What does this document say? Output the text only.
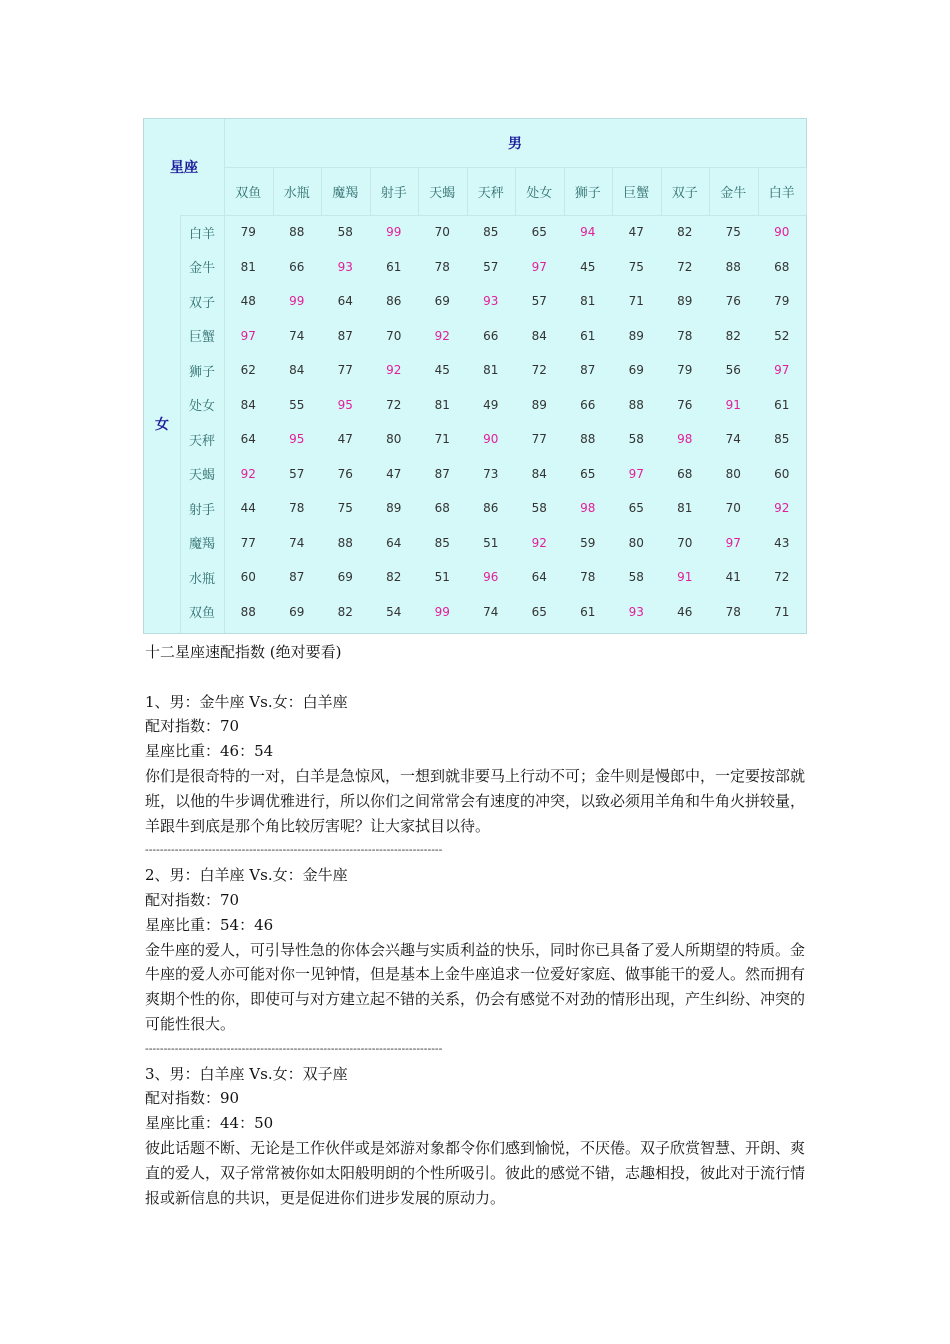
星座
男
女
双鱼	水瓶	魔羯	射手	天蝎	天秤	处女	狮子	巨蟹	双子	金牛	白羊
白羊	79	88	58	99	70	85	65	94	47	82	75	90
金牛	81	66	93	61	78	57	97	45	75	72	88	68
双子	48	99	64	86	69	93	57	81	71	89	76	79
巨蟹	97	74	87	70	92	66	84	61	89	78	82	52
狮子	62	84	77	92	45	81	72	87	69	79	56	97
处女	84	55	95	72	81	49	89	66	88	76	91	61
天秤	64	95	47	80	71	90	77	88	58	98	74	85
天蝎	92	57	76	47	87	73	84	65	97	68	80	60
射手	44	78	75	89	68	86	58	98	65	81	70	92
魔羯	77	74	88	64	85	51	92	59	80	70	97	43
水瓶	60	87	69	82	51	96	64	78	58	91	41	72
双鱼	88	69	82	54	99	74	65	61	93	46	78	71

十二星座速配指数 (绝对要看)

1、男：金牛座 Vs.女：白羊座

配对指数：70

星座比重：46：54

你们是很奇特的一对，白羊是急惊风，一想到就非要马上行动不可；金牛则是慢郎中，一定要按部就班，以他的牛步调优雅进行，所以你们之间常常会有速度的冲突，以致必须用羊角和牛角火拼较量，羊跟牛到底是那个角比较厉害呢？让大家拭目以待。

--------------------------------------------------------------------------------

2、男：白羊座 Vs.女：金牛座

配对指数：70

星座比重：54：46

金牛座的爱人，可引导性急的你体会兴趣与实质利益的快乐，同时你已具备了爱人所期望的特质。金牛座的爱人亦可能对你一见钟情，但是基本上金牛座追求一位爱好家庭、做事能干的爱人。然而拥有爽期个性的你，即使可与对方建立起不错的关系，仍会有感觉不对劲的情形出现，产生纠纷、冲突的可能性很大。

--------------------------------------------------------------------------------

3、男：白羊座 Vs.女：双子座

配对指数：90

星座比重：44：50

彼此话题不断、无论是工作伙伴或是郊游对象都令你们感到愉悦，不厌倦。双子欣赏智慧、开朗、爽直的爱人，双子常常被你如太阳般明朗的个性所吸引。彼此的感觉不错，志趣相投，彼此对于流行情报或新信息的共识，更是促进你们进步发展的原动力。
